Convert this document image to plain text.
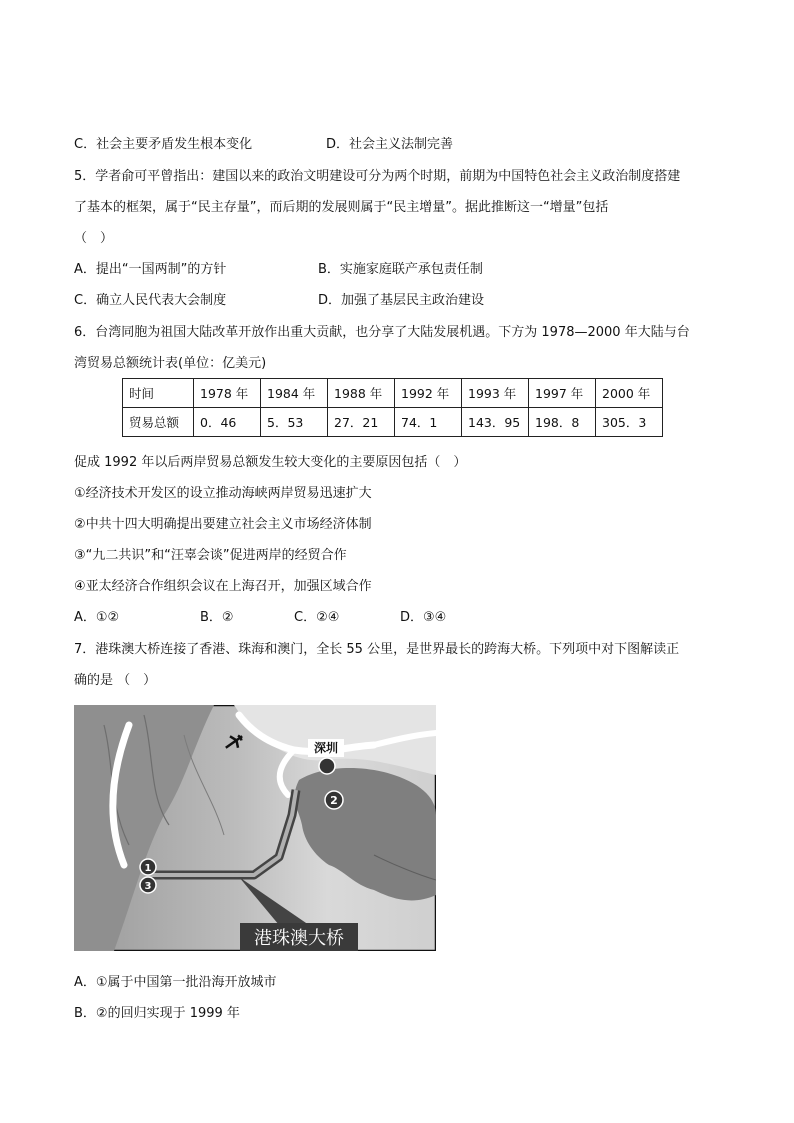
C．社会主要矛盾发生根本变化	D．社会主义法制完善
5．学者俞可平曾指出：建国以来的政治文明建设可分为两个时期，前期为中国特色社会主义政治制度搭建
了基本的框架，属于“民主存量”，而后期的发展则属于“民主增量”。据此推断这一“增量”包括
（　）
A．提出“一国两制”的方针	B．实施家庭联产承包责任制
C．确立人民代表大会制度	D．加强了基层民主政治建设
6．台湾同胞为祖国大陆改革开放作出重大贡献，也分享了大陆发展机遇。下方为 1978—2000 年大陆与台
湾贸易总额统计表(单位：亿美元)
时间	1978 年	1984 年	1988 年	1992 年	1993 年	1997 年	2000 年
贸易总额	0．46	5．53	27．21	74．1	143．95	198．8	305．3
促成 1992 年以后两岸贸易总额发生较大变化的主要原因包括（　）
①经济技术开发区的设立推动海峡两岸贸易迅速扩大
②中共十四大明确提出要建立社会主义市场经济体制
③“九二共识”和“汪辜会谈”促进两岸的经贸合作
④亚太经济合作组织会议在上海召开，加强区域合作
A．①②	B．②	C．②④	D．③④
7．港珠澳大桥连接了香港、珠海和澳门，全长 55 公里，是世界最长的跨海大桥。下列项中对下图解读正
确的是 （　）
深圳
2
1
3
港珠澳大桥
A．①属于中国第一批沿海开放城市
B．②的回归实现于 1999 年
